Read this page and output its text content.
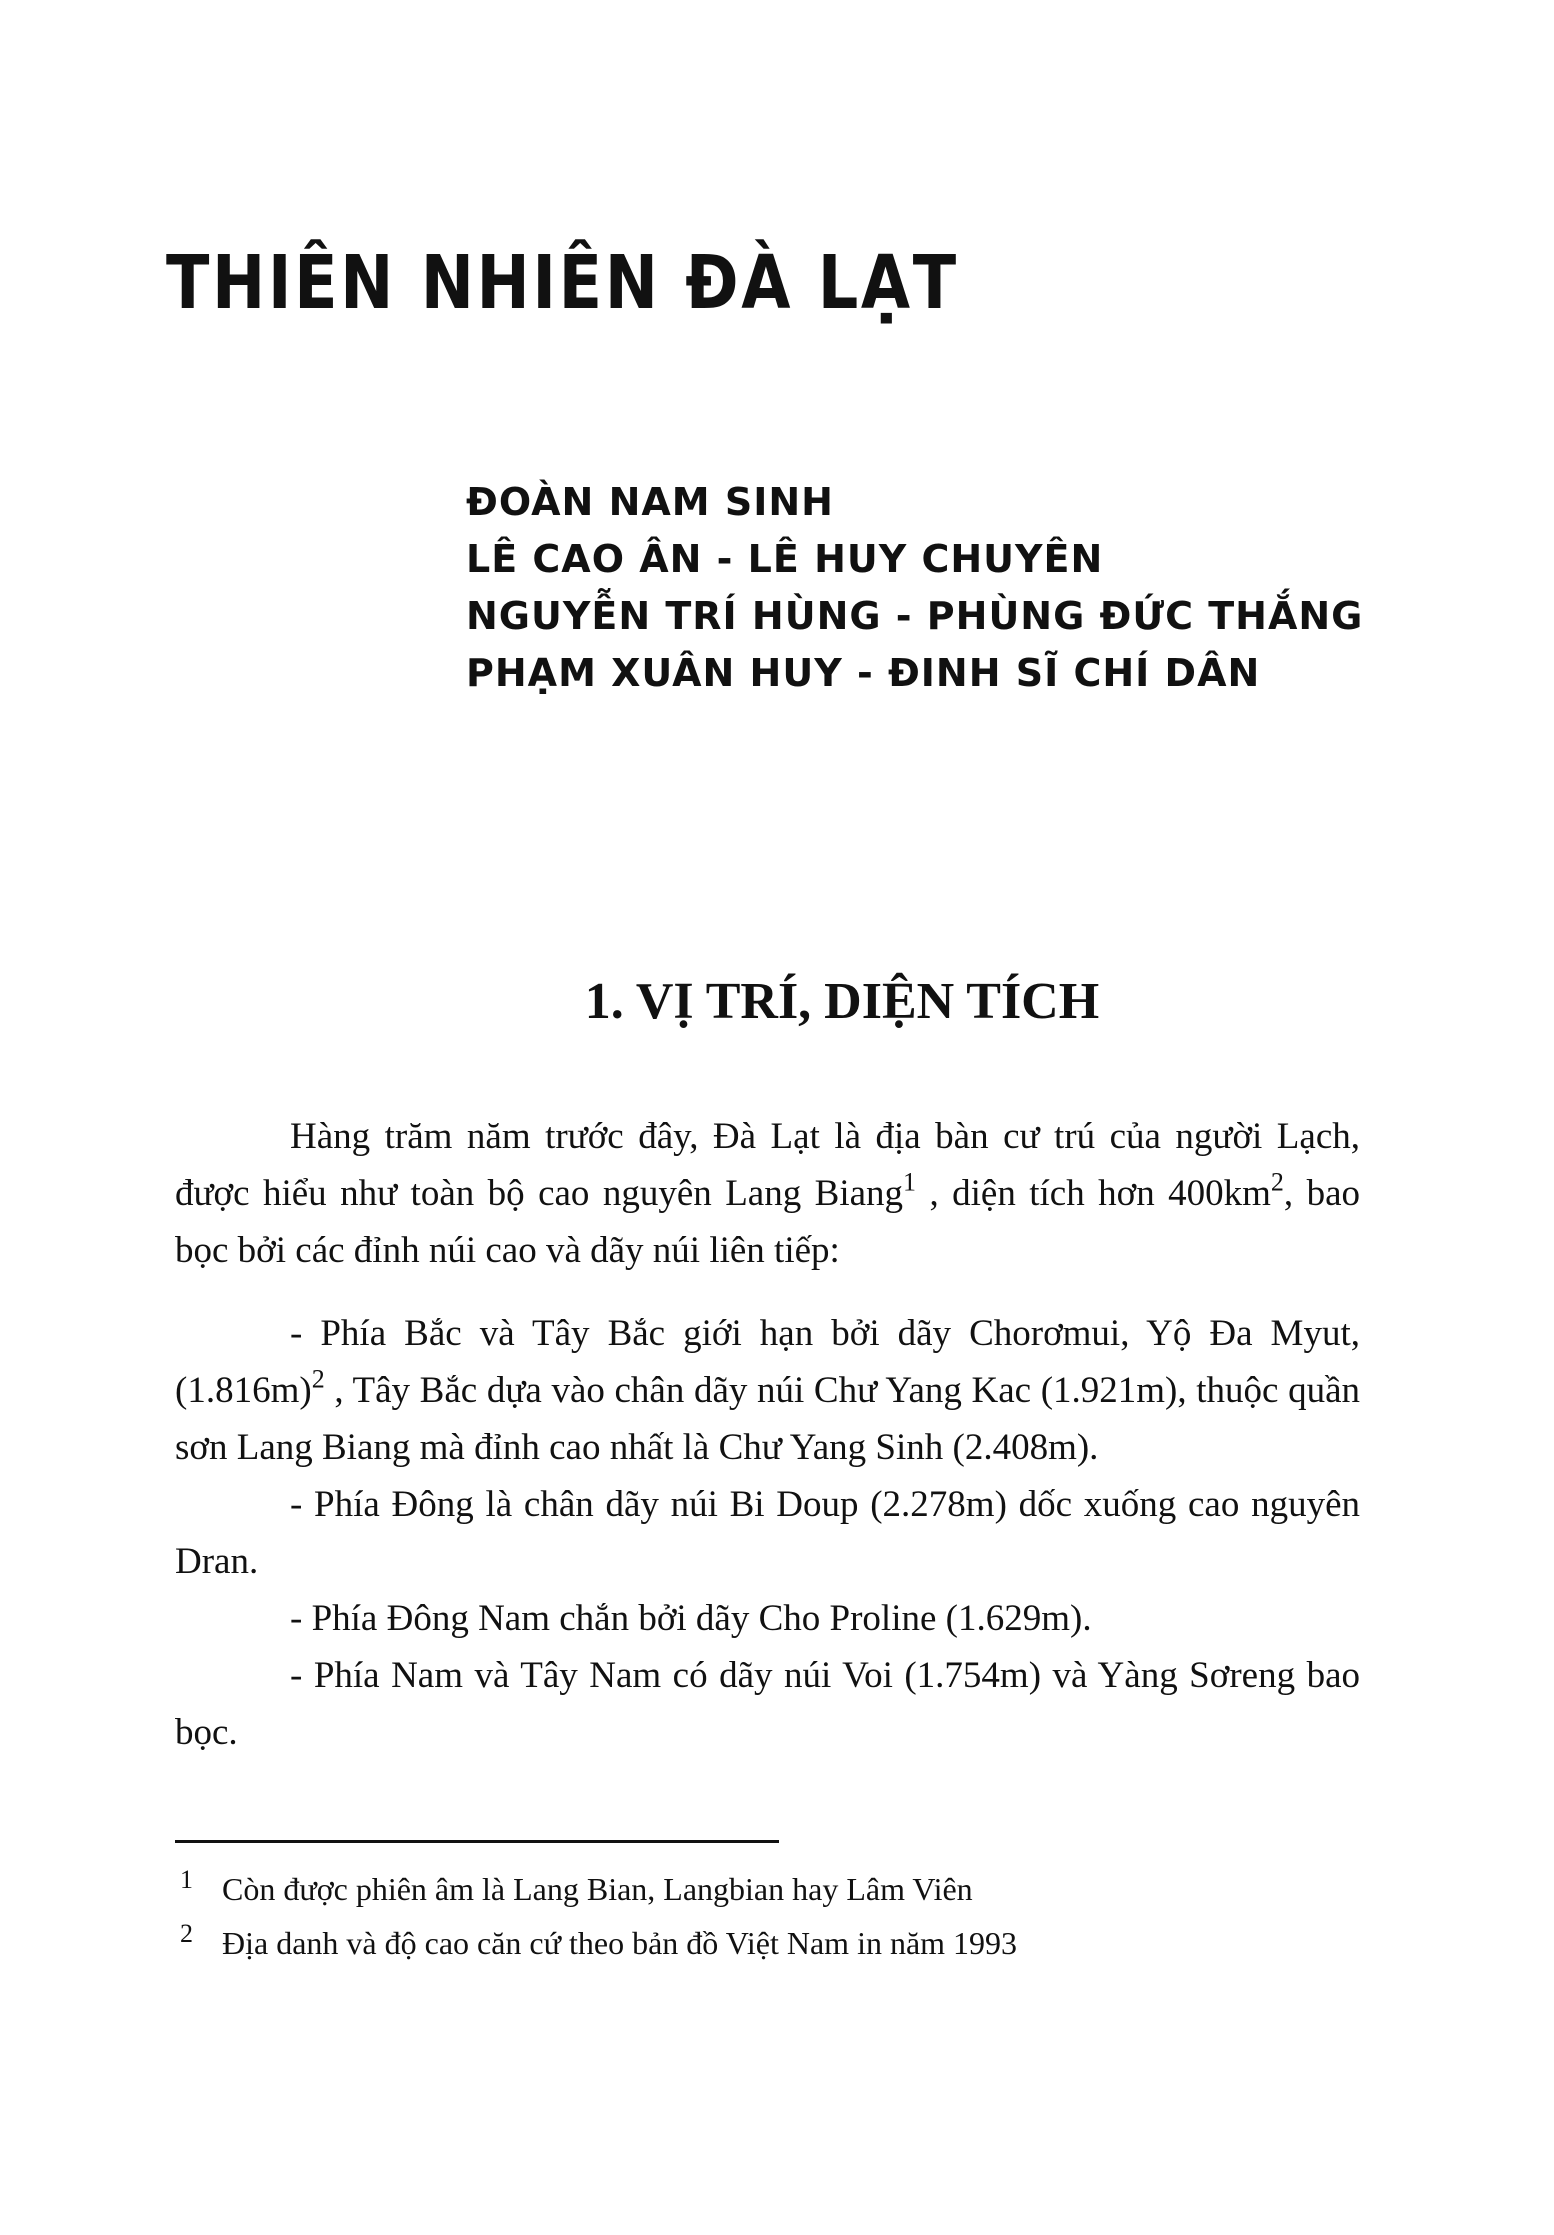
THIÊN NHIÊN ĐÀ LẠT
ĐOÀN NAM SINH
LÊ CAO ÂN - LÊ HUY CHUYÊN
NGUYỄN TRÍ HÙNG - PHÙNG ĐỨC THẮNG
PHẠM XUÂN HUY - ĐINH SĨ CHÍ DÂN
1. VỊ TRÍ, DIỆN TÍCH

Hàng trăm năm trước đây, Đà Lạt là địa bàn cư trú của người Lạch, được hiểu như toàn bộ cao nguyên Lang Biang$^1$ , diện tích hơn $400km^2$, bao bọc bởi các đỉnh núi cao và dãy núi liên tiếp:

- Phía Bắc và Tây Bắc giới hạn bởi dãy Chorơmui, Yộ Đa Myut, $(1.816m)^2$ , Tây Bắc dựa vào chân dãy núi Chư Yang Kac (1.921m), thuộc quần sơn Lang Biang mà đỉnh cao nhất là Chư Yang Sinh (2.408m).

- Phía Đông là chân dãy núi Bi Doup (2.278m) dốc xuống cao nguyên Dran.

- Phía Đông Nam chắn bởi dãy Cho Proline (1.629m).

- Phía Nam và Tây Nam có dãy núi Voi (1.754m) và Yàng Sơreng bao bọc.

1 Còn được phiên âm là Lang Bian, Langbian hay Lâm Viên
2 Địa danh và độ cao căn cứ theo bản đồ Việt Nam in năm 1993
